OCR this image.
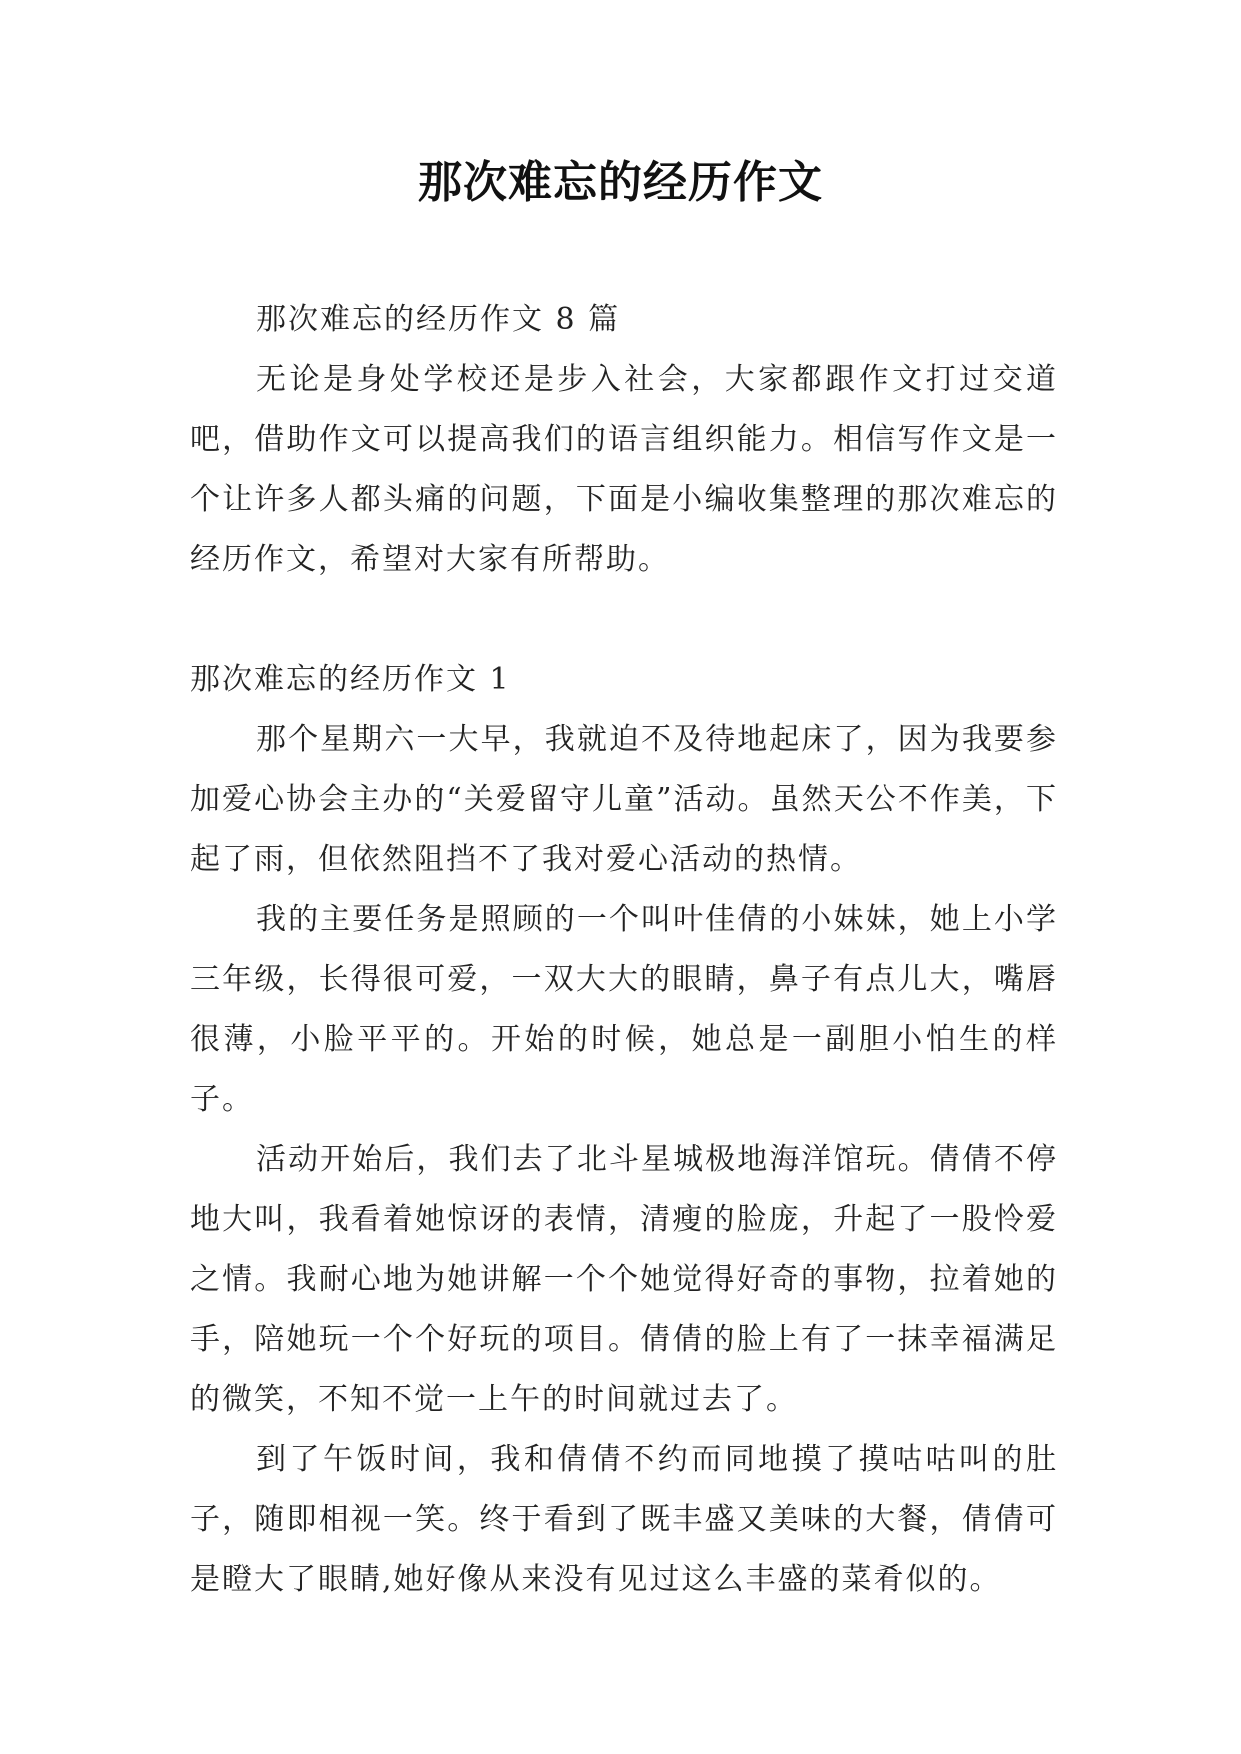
那次难忘的经历作文

那次难忘的经历作文 8 篇

无论是身处学校还是步入社会，大家都跟作文打过交道吧，借助作文可以提高我们的语言组织能力。相信写作文是一个让许多人都头痛的问题，下面是小编收集整理的那次难忘的经历作文，希望对大家有所帮助。

那次难忘的经历作文 1

那个星期六一大早，我就迫不及待地起床了，因为我要参加爱心协会主办的“关爱留守儿童”活动。虽然天公不作美，下起了雨，但依然阻挡不了我对爱心活动的热情。

我的主要任务是照顾的一个叫叶佳倩的小妹妹，她上小学三年级，长得很可爱，一双大大的眼睛，鼻子有点儿大，嘴唇很薄，小脸平平的。开始的时候，她总是一副胆小怕生的样子。

活动开始后，我们去了北斗星城极地海洋馆玩。倩倩不停地大叫，我看着她惊讶的表情，清瘦的脸庞，升起了一股怜爱之情。我耐心地为她讲解一个个她觉得好奇的事物，拉着她的手，陪她玩一个个好玩的项目。倩倩的脸上有了一抹幸福满足的微笑，不知不觉一上午的时间就过去了。

到了午饭时间，我和倩倩不约而同地摸了摸咕咕叫的肚子，随即相视一笑。终于看到了既丰盛又美味的大餐，倩倩可是瞪大了眼睛,她好像从来没有见过这么丰盛的菜肴似的。
